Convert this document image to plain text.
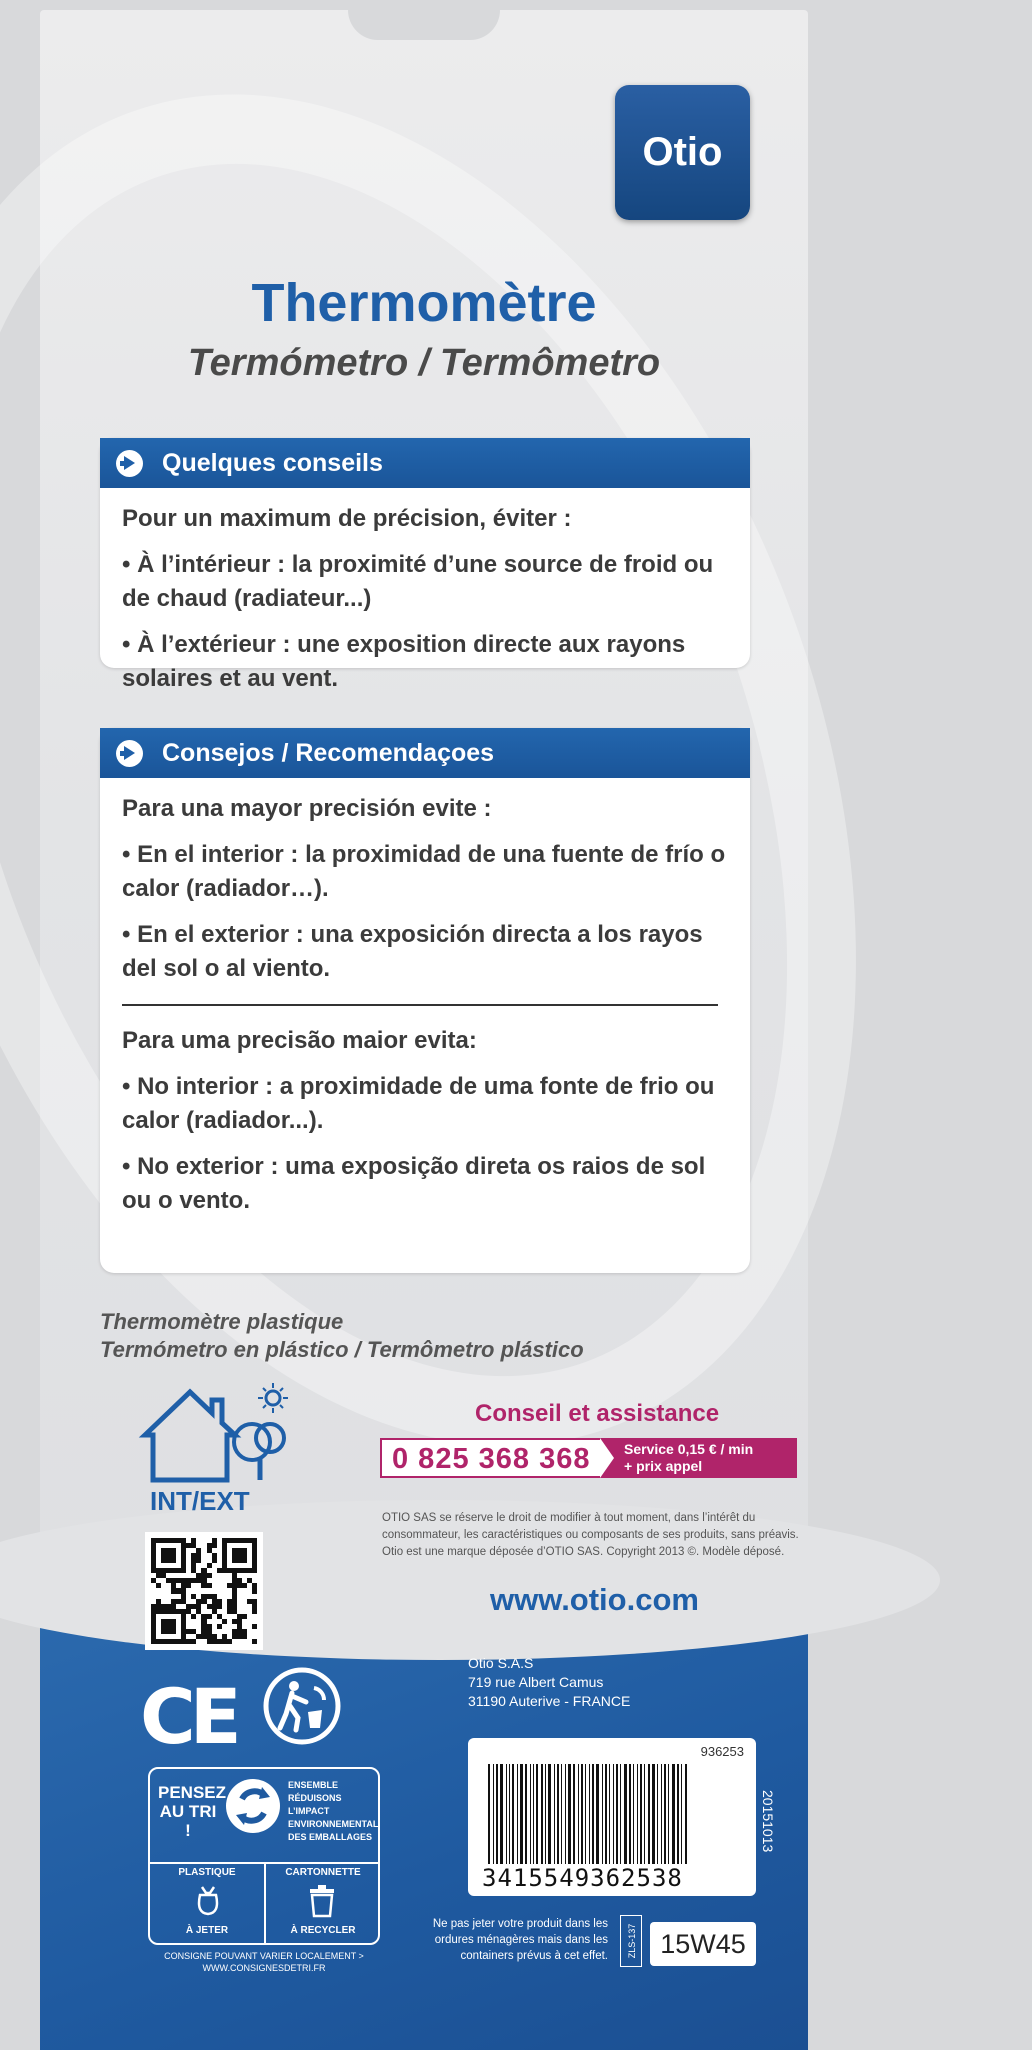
Otio
Thermomètre
Termómetro / Termômetro
Quelques conseils

Pour un maximum de précision, éviter :

• À l’intérieur : la proximité d’une source de froid ou de chaud (radiateur...)

• À l’extérieur : une exposition directe aux rayons solaires et au vent.

Consejos / Recomendaçoes

Para una mayor precisión evite :

• En el interior : la proximidad de una fuente de frío o calor (radiador…).

• En el exterior : una exposición directa a los rayos del sol o al viento.

Para uma precisão maior evita:

• No interior : a proximidade de uma fonte de frio ou calor (radiador...).

• No exterior : uma exposição direta os raios de sol ou o vento.

Thermomètre plastique
Termómetro en plástico / Termômetro plástico
INT/EXT
Conseil et assistance
0 825 368 368 Service 0,15 € / min
+ prix appel
OTIO SAS se réserve le droit de modifier à tout moment, dans l’intérêt du consommateur, les caractéristiques ou composants de ses produits, sans préavis. Otio est une marque déposée d’OTIO SAS. Copyright 2013 ©. Modèle déposé.
www.otio.com
CE
Otio S.A.S
719 rue Albert Camus
31190 Auterive - FRANCE
PENSEZ AU TRI !
ENSEMBLE RÉDUISONS L’IMPACT ENVIRONNEMENTAL DES EMBALLAGES
PLASTIQUE
À JETER
CARTONNETTE
À RECYCLER
CONSIGNE POUVANT VARIER LOCALEMENT > WWW.CONSIGNESDETRI.FR
936253
3415549362538
20151013
Ne pas jeter votre produit dans les ordures ménagères mais dans les containers prévus à cet effet. ZLS-137 15W45
